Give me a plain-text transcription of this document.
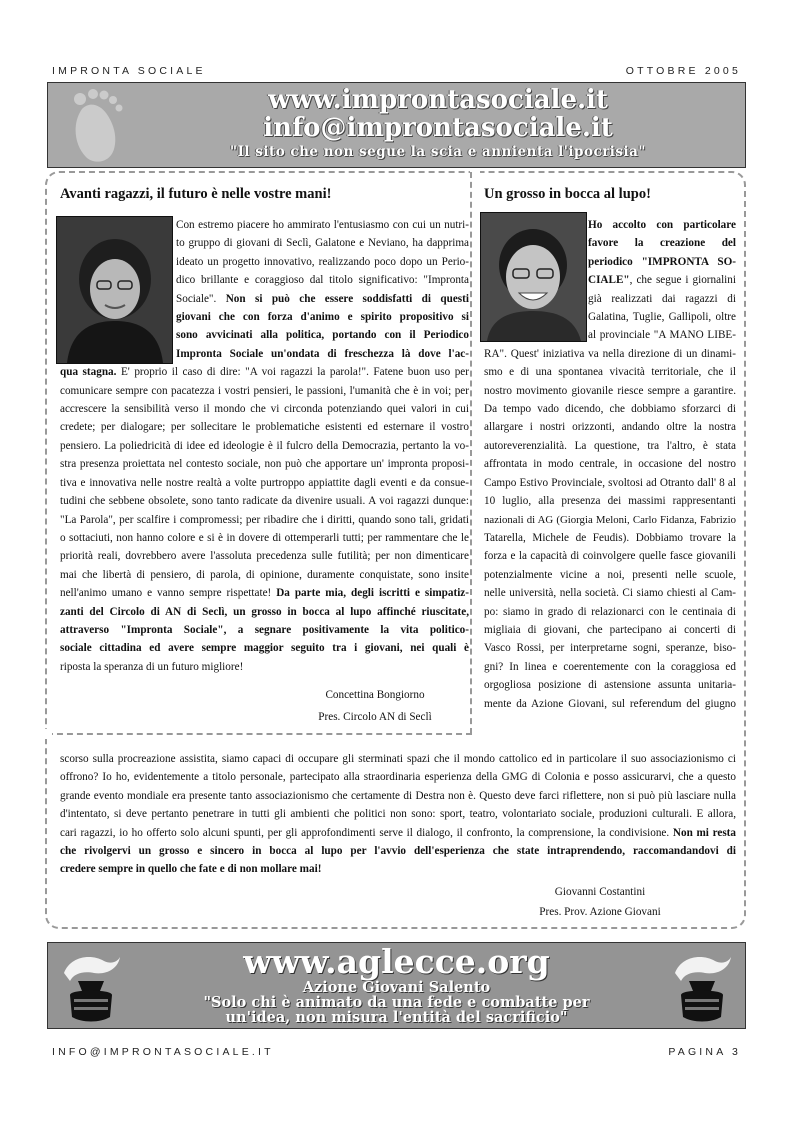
IMPRONTA SOCIALE	OTTOBRE 2005
www.improntasociale.it
info@improntasociale.it
"Il sito che non segue la scia e annienta l'ipocrisia"
Avanti ragazzi, il futuro è nelle vostre mani!
Con estremo piacere ho ammirato l'entusiasmo con cui un nutri-
to gruppo di giovani di Seclì, Galatone e Neviano, ha dapprima
ideato un progetto innovativo, realizzando poco dopo un Perio-
dico brillante e coraggioso dal titolo significativo: "Impronta
Sociale". Non si può che essere soddisfatti di questi
giovani che con forza d'animo e spirito propositivo si
sono avvicinati alla politica, portando con il Periodico
Impronta Sociale un'ondata di freschezza là dove l'ac-
qua stagna. E' proprio il caso di dire: "A voi ragazzi la parola!". Fatene buon uso per
comunicare sempre con pacatezza i vostri pensieri, le passioni, l'umanità che è in voi; per
accrescere la sensibilità verso il mondo che vi circonda potenziando quei valori in cui
credete; per dialogare; per sollecitare le problematiche esistenti ed esternare il vostro
pensiero. La poliedricità di idee ed ideologie è il fulcro della Democrazia, pertanto la vo-
stra presenza proiettata nel contesto sociale, non può che apportare un' impronta proposi-
tiva e innovativa nelle nostre realtà a volte purtroppo appiattite dagli eventi e da consue-
tudini che sebbene obsolete, sono tanto radicate da divenire usuali. A voi ragazzi dunque:
"La Parola", per scalfire i compromessi; per ribadire che i diritti, quando sono tali, gridati
o sottaciuti, non hanno colore e si è in dovere di ottemperarli tutti; per rammentare che le
priorità reali, dovrebbero avere l'assoluta precedenza sulle futilità; per non dimenticare
mai che libertà di pensiero, di parola, di opinione, duramente conquistate, sono insite
nell'animo umano e vanno sempre rispettate! Da parte mia, degli iscritti e simpatiz-
zanti del Circolo di AN di Seclì, un grosso in bocca al lupo affinché riuscitate,
attraverso "Impronta Sociale", a segnare positivamente la vita politico-
sociale cittadina ed avere sempre maggior seguito tra i giovani, nei quali è
riposta la speranza di un futuro migliore!
Concettina Bongiorno
Pres. Circolo AN di Seclì
Un grosso in bocca al lupo!
Ho accolto con particolare
favore la creazione del
periodico "IMPRONTA SO-
CIALE", che segue i giornalini
già realizzati dai ragazzi di
Galatina, Tuglie, Gallipoli, oltre
al provinciale "A MANO LIBE-
RA". Quest' iniziativa va nella direzione di un dinami-
smo e di una spontanea vivacità territoriale, che il
nostro movimento giovanile riesce sempre a garantire.
Da tempo vado dicendo, che dobbiamo sforzarci di
allargare i nostri orizzonti, andando oltre la nostra
autoreverenzialità. La questione, tra l'altro, è stata
affrontata in modo centrale, in occasione del nostro
Campo Estivo Provinciale, svoltosi ad Otranto dall' 8 al
10 luglio, alla presenza dei massimi rappresentanti
nazionali di AG (Giorgia Meloni, Carlo Fidanza, Fabrizio
Tatarella, Michele de Feudis). Dobbiamo trovare la
forza e la capacità di coinvolgere quelle fasce giovanili
potenzialmente vicine a noi, presenti nelle scuole,
nelle università, nella società. Ci siamo chiesti al Cam-
po: siamo in grado di relazionarci con le centinaia di
migliaia di giovani, che partecipano ai concerti di
Vasco Rossi, per interpretarne sogni, speranze, biso-
gni? In linea e coerentemente con la coraggiosa ed
orgogliosa posizione di astensione assunta unitaria-
mente da Azione Giovani, sul referendum del giugno
scorso sulla procreazione assistita, siamo capaci di occupare gli sterminati spazi che il mondo cattolico ed in particolare il suo associazionismo ci
offrono? Io ho, evidentemente a titolo personale, partecipato alla straordinaria esperienza della GMG di Colonia e posso assicurarvi, che a questo
grande evento mondiale era presente tanto associazionismo che certamente di Destra non è. Questo deve farci riflettere, non si può più lasciare nulla
d'intentato, si deve pertanto penetrare in tutti gli ambienti che politici non sono: sport, teatro, volontariato sociale, produzioni culturali. E allora,
cari ragazzi, io ho offerto solo alcuni spunti, per gli approfondimenti serve il dialogo, il confronto, la comprensione, la condivisione. Non mi resta
che rivolgervi un grosso e sincero in bocca al lupo per l'avvio dell'esperienza che state intraprendendo, raccomandandovi di
credere sempre in quello che fate e di non mollare mai!
Giovanni Costantini
Pres. Prov. Azione Giovani
www.aglecce.org
Azione Giovani Salento
"Solo chi è animato da una fede e combatte per
un'idea, non misura l'entità del sacrificio"
INFO@IMPRONTASOCIALE.IT	PAGINA 3
